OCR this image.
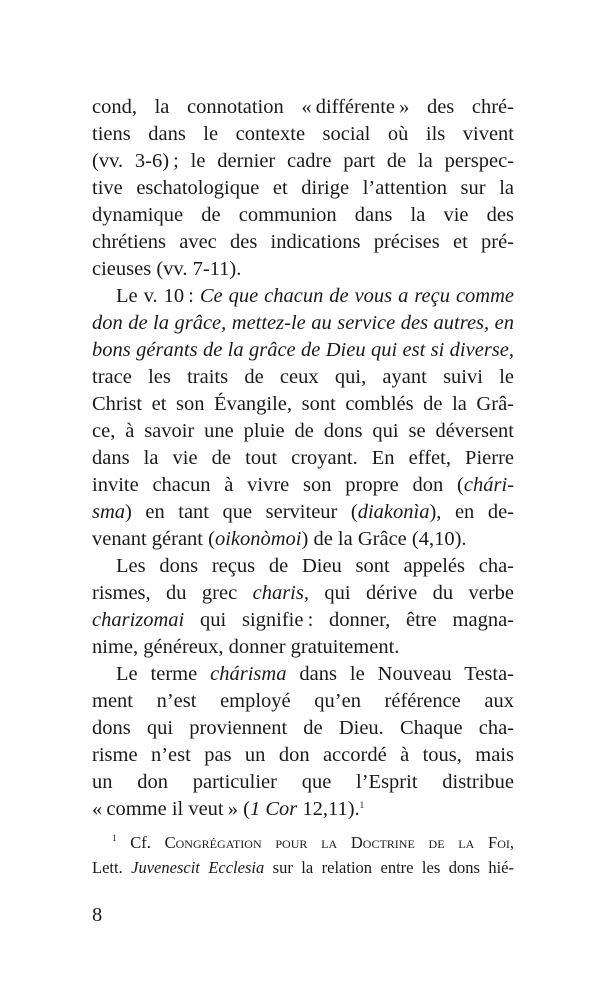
cond, la connotation « différente » des chré-
tiens dans le contexte social où ils vivent
(vv. 3-6) ; le dernier cadre part de la perspec-
tive eschatologique et dirige l’attention sur la
dynamique de communion dans la vie des
chrétiens avec des indications précises et pré-
cieuses (vv. 7-11).
Le v. 10 : Ce que chacun de vous a reçu comme
don de la grâce, mettez-le au service des autres, en
bons gérants de la grâce de Dieu qui est si diverse,
trace les traits de ceux qui, ayant suivi le
Christ et son Évangile, sont comblés de la Grâ-
ce, à savoir une pluie de dons qui se déversent
dans la vie de tout croyant. En effet, Pierre
invite chacun à vivre son propre don (chári-
sma) en tant que serviteur (diakonìa), en de-
venant gérant (oikonòmoi) de la Grâce (4,10).
Les dons reçus de Dieu sont appelés cha-
rismes, du grec charis, qui dérive du verbe
charizomai qui signifie : donner, être magna-
nime, généreux, donner gratuitement.
Le terme chárisma dans le Nouveau Testa-
ment n’est employé qu’en référence aux
dons qui proviennent de Dieu. Chaque cha-
risme n’est pas un don accordé à tous, mais
un don particulier que l’Esprit distribue
« comme il veut » (1 Cor 12,11).$^1$
$^1$ Cf. Congrégation pour la Doctrine de la Foi,
Lett. Juvenescit Ecclesia sur la relation entre les dons hié-
8
